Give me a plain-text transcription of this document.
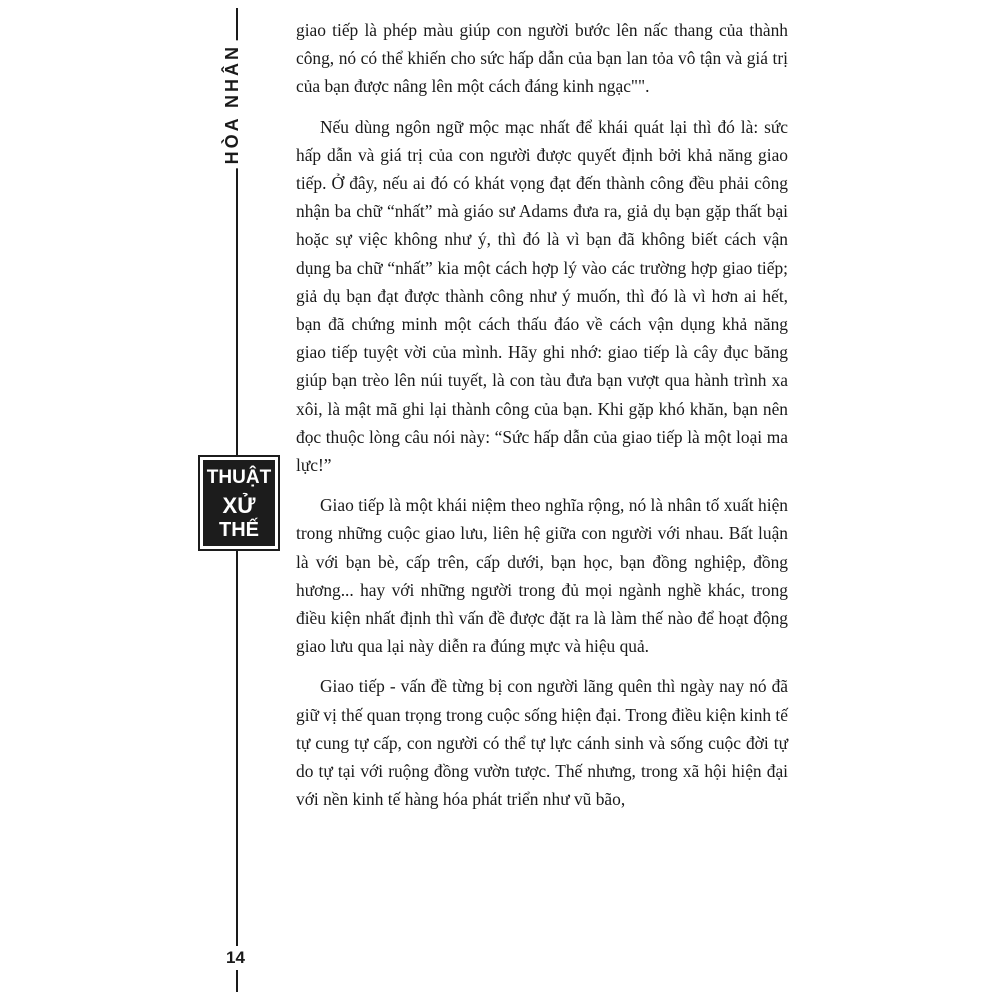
HÒA NHÂN
THUẬT
XỬ
THẾ
14

giao tiếp là phép màu giúp con người bước lên nấc thang của thành công, nó có thể khiến cho sức hấp dẫn của bạn lan tỏa vô tận và giá trị của bạn được nâng lên một cách đáng kinh ngạc"".

Nếu dùng ngôn ngữ mộc mạc nhất để khái quát lại thì đó là: sức hấp dẫn và giá trị của con người được quyết định bởi khả năng giao tiếp. Ở đây, nếu ai đó có khát vọng đạt đến thành công đều phải công nhận ba chữ “nhất” mà giáo sư Adams đưa ra, giả dụ bạn gặp thất bại hoặc sự việc không như ý, thì đó là vì bạn đã không biết cách vận dụng ba chữ “nhất” kia một cách hợp lý vào các trường hợp giao tiếp; giả dụ bạn đạt được thành công như ý muốn, thì đó là vì hơn ai hết, bạn đã chứng minh một cách thấu đáo về cách vận dụng khả năng giao tiếp tuyệt vời của mình. Hãy ghi nhớ: giao tiếp là cây đục băng giúp bạn trèo lên núi tuyết, là con tàu đưa bạn vượt qua hành trình xa xôi, là mật mã ghi lại thành công của bạn. Khi gặp khó khăn, bạn nên đọc thuộc lòng câu nói này: “Sức hấp dẫn của giao tiếp là một loại ma lực!”

Giao tiếp là một khái niệm theo nghĩa rộng, nó là nhân tố xuất hiện trong những cuộc giao lưu, liên hệ giữa con người với nhau. Bất luận là với bạn bè, cấp trên, cấp dưới, bạn học, bạn đồng nghiệp, đồng hương... hay với những người trong đủ mọi ngành nghề khác, trong điều kiện nhất định thì vấn đề được đặt ra là làm thế nào để hoạt động giao lưu qua lại này diễn ra đúng mực và hiệu quả.

Giao tiếp - vấn đề từng bị con người lãng quên thì ngày nay nó đã giữ vị thế quan trọng trong cuộc sống hiện đại. Trong điều kiện kinh tế tự cung tự cấp, con người có thể tự lực cánh sinh và sống cuộc đời tự do tự tại với ruộng đồng vườn tược. Thế nhưng, trong xã hội hiện đại với nền kinh tế hàng hóa phát triển như vũ bão,
